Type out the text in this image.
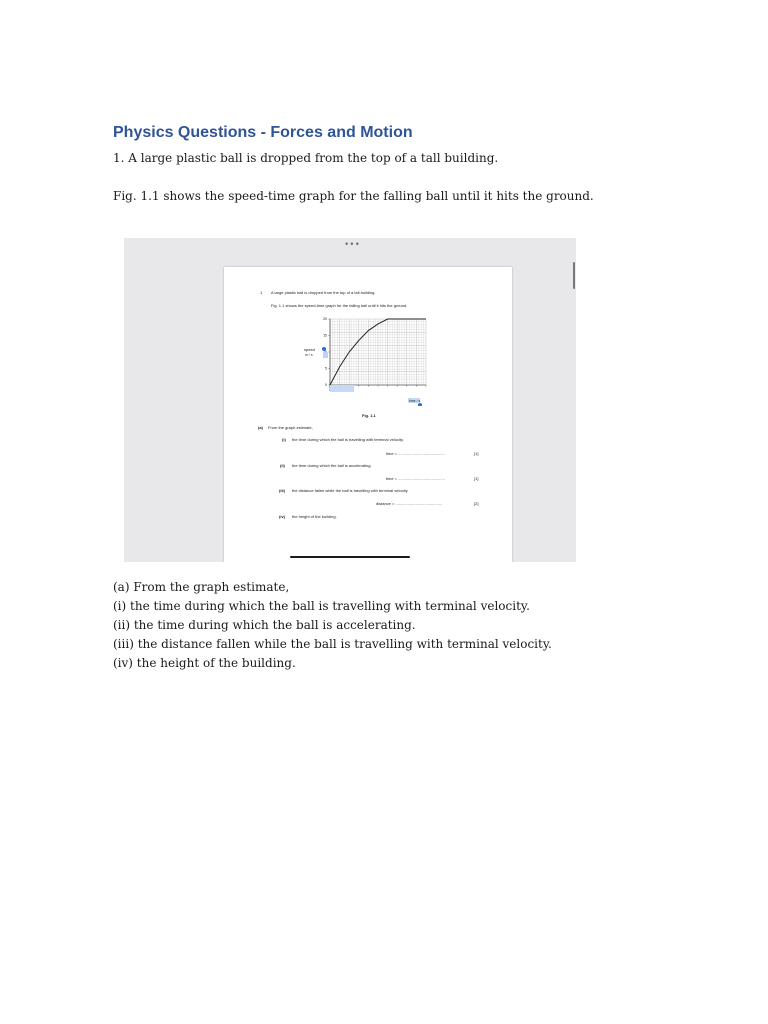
Physics Questions - Forces and Motion
1. A large plastic ball is dropped from the top of a tall building.
Fig. 1.1 shows the speed-time graph for the falling ball until it hits the ground.
•••
1 A large plastic ball is dropped from the top of a tall building.
Fig. 1.1 shows the speed-time graph for the falling ball until it hits the ground.
20
15
5
0
0
speed
m / s
time / s
Fig. 1.1
(a) From the graph estimate,
(i) the time during which the ball is travelling with terminal velocity.
time = ..........................................	[1]
(ii) the time during which the ball is accelerating.
time = ..........................................	[1]
(iii) the distance fallen while the ball is travelling with terminal velocity.
distance = ..........................................	[2]
(iv) the height of the building.
(a) From the graph estimate,
(i) the time during which the ball is travelling with terminal velocity.
(ii) the time during which the ball is accelerating.
(iii) the distance fallen while the ball is travelling with terminal velocity.
(iv) the height of the building.
